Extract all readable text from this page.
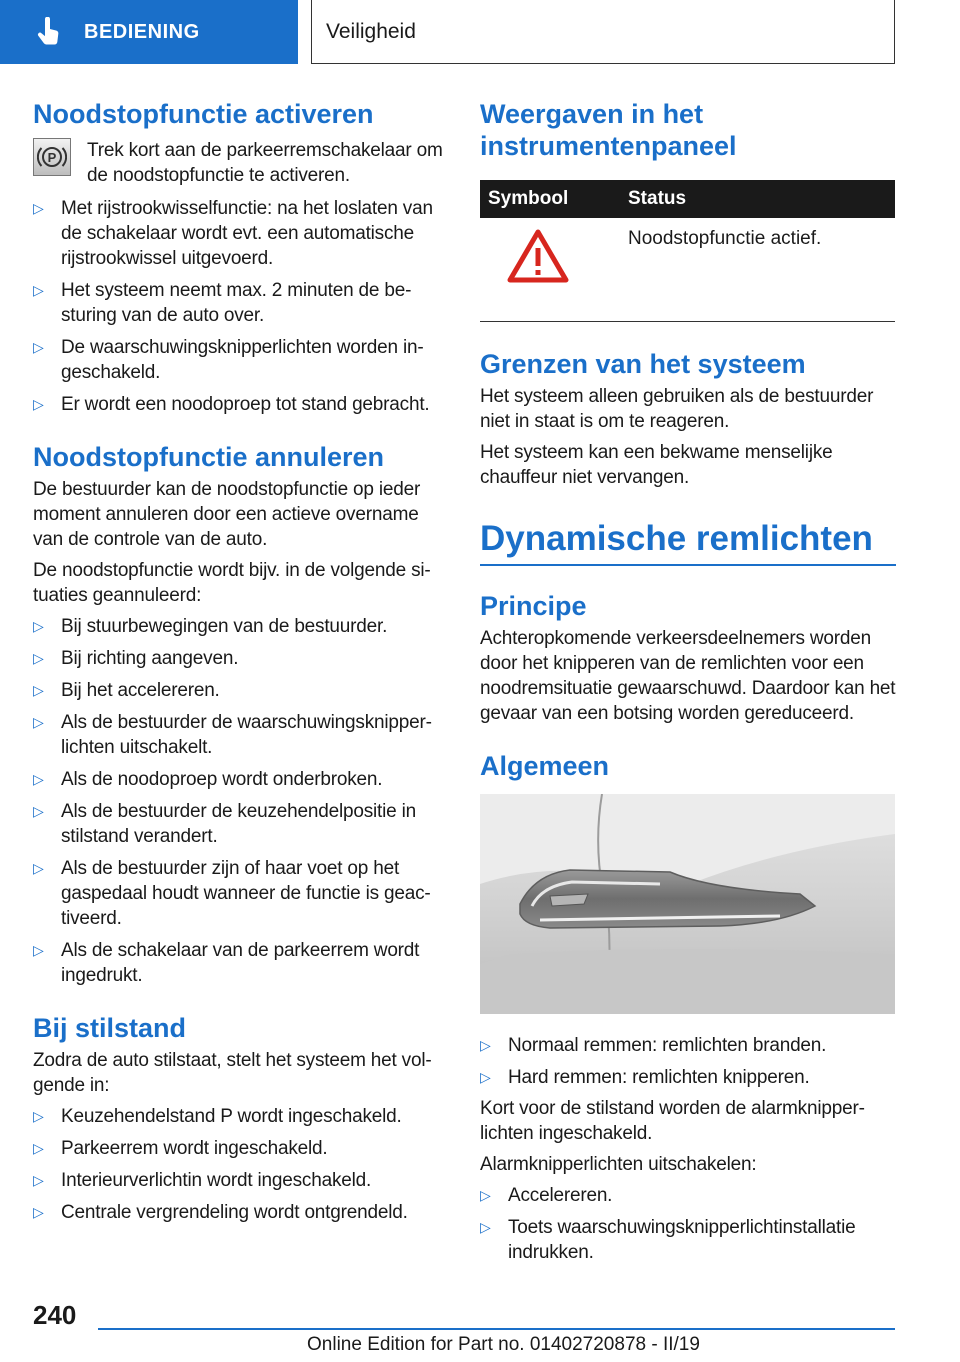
BEDIENING	Veiligheid
Noodstopfunctie activeren
P Trek kort aan de parkeerremschakelaar om de noodstopfunctie te activeren.

▷ Met rijstrookwisselfunctie: na het loslaten van de schakelaar wordt evt. een automatische rijstrookwissel uitgevoerd.
▷ Het systeem neemt max. 2 minuten de be-sturing van de auto over.
▷ De waarschuwingsknipperlichten worden in-geschakeld.
▷ Er wordt een noodoproep tot stand gebracht.
Noodstopfunctie annuleren

De bestuurder kan de noodstopfunctie op ieder moment annuleren door een actieve overname van de controle van de auto.

De noodstopfunctie wordt bijv. in de volgende si-tuaties geannuleerd:

▷ Bij stuurbewegingen van de bestuurder.
▷ Bij richting aangeven.
▷ Bij het accelereren.
▷ Als de bestuurder de waarschuwingsknipper-lichten uitschakelt.
▷ Als de noodoproep wordt onderbroken.
▷ Als de bestuurder de keuzehendelpositie in stilstand verandert.
▷ Als de bestuurder zijn of haar voet op het gaspedaal houdt wanneer de functie is geac-tiveerd.
▷ Als de schakelaar van de parkeerrem wordt ingedrukt.
Bij stilstand

Zodra de auto stilstaat, stelt het systeem het vol-gende in:

▷ Keuzehendelstand P wordt ingeschakeld.
▷ Parkeerrem wordt ingeschakeld.
▷ Interieurverlichtin wordt ingeschakeld.
▷ Centrale vergrendeling wordt ontgrendeld.
Weergaven in het instrumentenpaneel
Symbool	Status
	Noodstopfunctie actief.
Grenzen van het systeem

Het systeem alleen gebruiken als de bestuurder niet in staat is om te reageren.

Het systeem kan een bekwame menselijke chauffeur niet vervangen.

Dynamische remlichten
Principe

Achteropkomende verkeersdeelnemers worden door het knipperen van de remlichten voor een noodremsituatie gewaarschuwd. Daardoor kan het gevaar van een botsing worden gereduceerd.

Algemeen
▷ Normaal remmen: remlichten branden.
▷ Hard remmen: remlichten knipperen.

Kort voor de stilstand worden de alarmknipper-lichten ingeschakeld.

Alarmknipperlichten uitschakelen:

▷ Accelereren.
▷ Toets waarschuwingsknipperlichtinstallatie indrukken.
240
Online Edition for Part no. 01402720878 - II/19
